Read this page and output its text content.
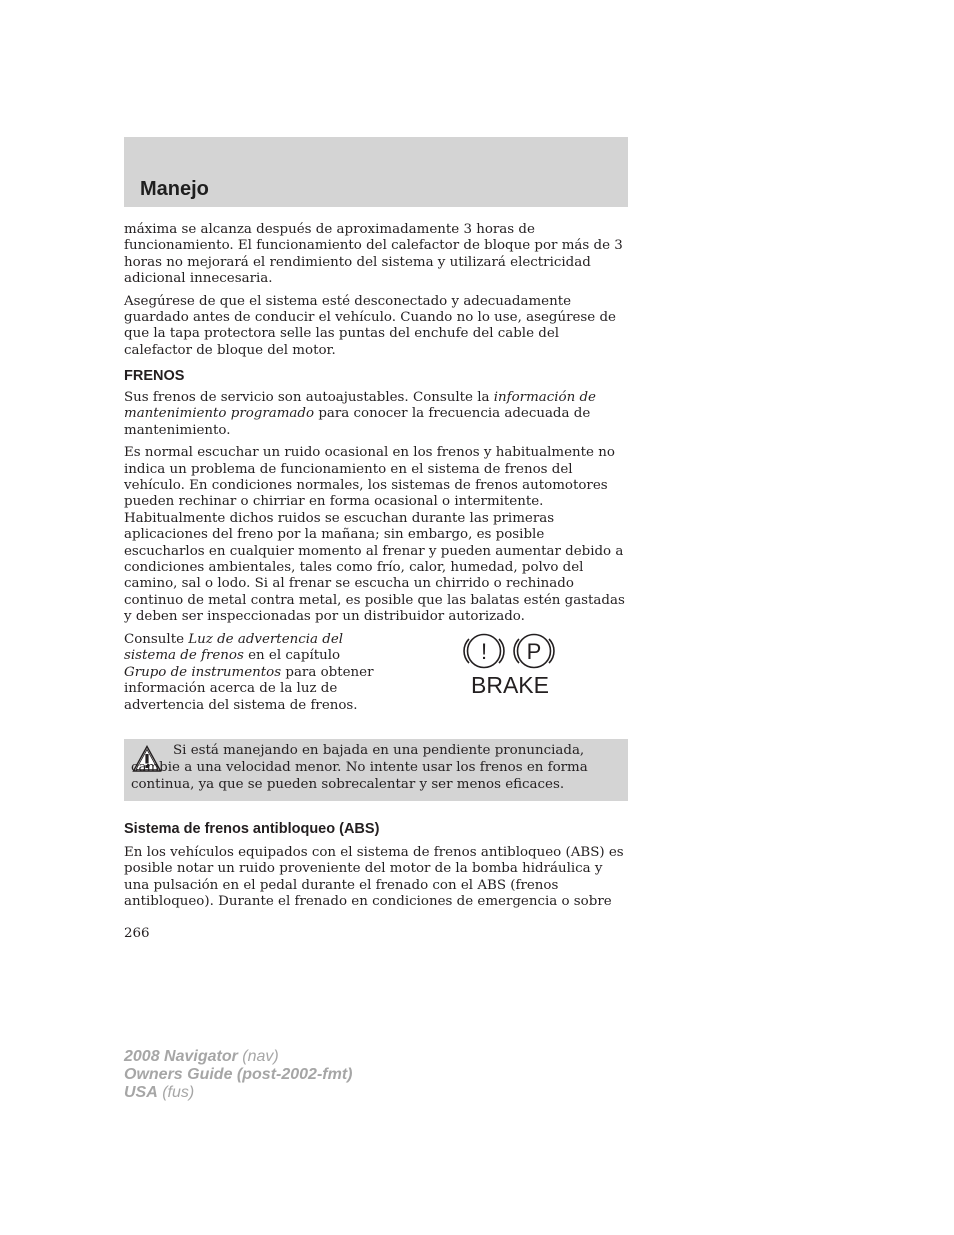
Manejo

máxima se alcanza después de aproximadamente 3 horas de funcionamiento. El funcionamiento del calefactor de bloque por más de 3 horas no mejorará el rendimiento del sistema y utilizará electricidad adicional innecesaria.

Asegúrese de que el sistema esté desconectado y adecuadamente guardado antes de conducir el vehículo. Cuando no lo use, asegúrese de que la tapa protectora selle las puntas del enchufe del cable del calefactor de bloque del motor.

FRENOS

Sus frenos de servicio son autoajustables. Consulte la información de mantenimiento programado para conocer la frecuencia adecuada de mantenimiento.

Es normal escuchar un ruido ocasional en los frenos y habitualmente no indica un problema de funcionamiento en el sistema de frenos del vehículo. En condiciones normales, los sistemas de frenos automotores pueden rechinar o chirriar en forma ocasional o intermitente. Habitualmente dichos ruidos se escuchan durante las primeras aplicaciones del freno por la mañana; sin embargo, es posible escucharlos en cualquier momento al frenar y pueden aumentar debido a condiciones ambientales, tales como frío, calor, humedad, polvo del camino, sal o lodo. Si al frenar se escucha un chirrido o rechinado continuo de metal contra metal, es posible que las balatas estén gastadas y deben ser inspeccionadas por un distribuidor autorizado.

Consulte Luz de advertencia del sistema de frenos en el capítulo Grupo de instrumentos para obtener información acerca de la luz de advertencia del sistema de frenos.

! P
BRAKE

Si está manejando en bajada en una pendiente pronunciada, cambie a una velocidad menor. No intente usar los frenos en forma continua, ya que se pueden sobrecalentar y ser menos eficaces.

Sistema de frenos antibloqueo (ABS)

En los vehículos equipados con el sistema de frenos antibloqueo (ABS) es posible notar un ruido proveniente del motor de la bomba hidráulica y una pulsación en el pedal durante el frenado con el ABS (frenos antibloqueo). Durante el frenado en condiciones de emergencia o sobre

266
2008 Navigator (nav)
Owners Guide (post-2002-fmt)
USA (fus)
